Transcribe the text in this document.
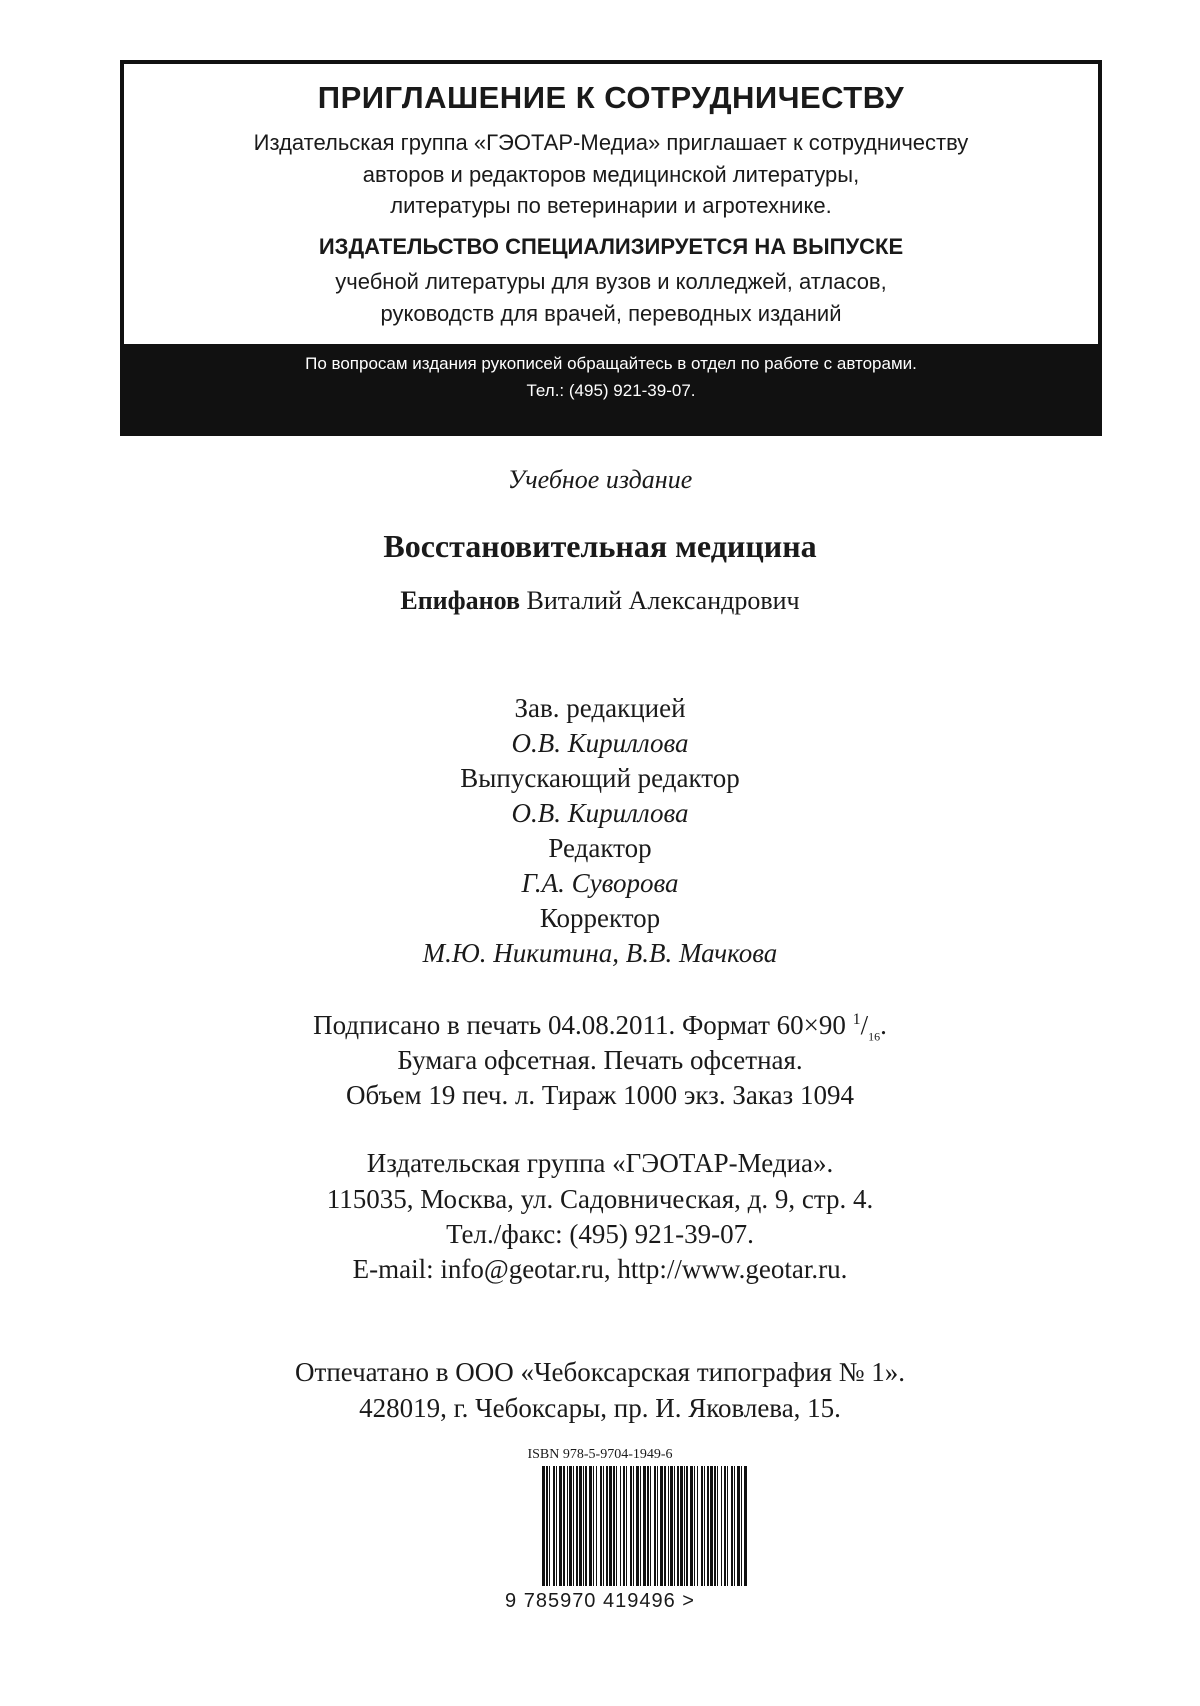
ПРИГЛАШЕНИЕ К СОТРУДНИЧЕСТВУ
Издательская группа «ГЭОТАР-Медиа» приглашает к сотрудничеству
авторов и редакторов медицинской литературы,
литературы по ветеринарии и агротехнике.
ИЗДАТЕЛЬСТВО СПЕЦИАЛИЗИРУЕТСЯ НА ВЫПУСКЕ
учебной литературы для вузов и колледжей, атласов,
руководств для врачей, переводных изданий
По вопросам издания рукописей обращайтесь в отдел по работе с авторами.
Тел.: (495) 921-39-07.
Учебное издание
Восстановительная медицина
Епифанов Виталий Александрович
Зав. редакцией
О.В. Кириллова
Выпускающий редактор
О.В. Кириллова
Редактор
Г.А. Суворова
Корректор
М.Ю. Никитина, В.В. Мачкова
Подписано в печать 04.08.2011. Формат 60×90 $^1/_{16}$.
Бумага офсетная. Печать офсетная.
Объем 19 печ. л. Тираж 1000 экз. Заказ 1094
Издательская группа «ГЭОТАР-Медиа».
115035, Москва, ул. Садовническая, д. 9, стр. 4.
Тел./факс: (495) 921-39-07.
E-mail: info@geotar.ru, http://www.geotar.ru.
Отпечатано в ООО «Чебоксарская типография № 1».
428019, г. Чебоксары, пр. И. Яковлева, 15.
ISBN 978-5-9704-1949-6
9 785970 419496 >
